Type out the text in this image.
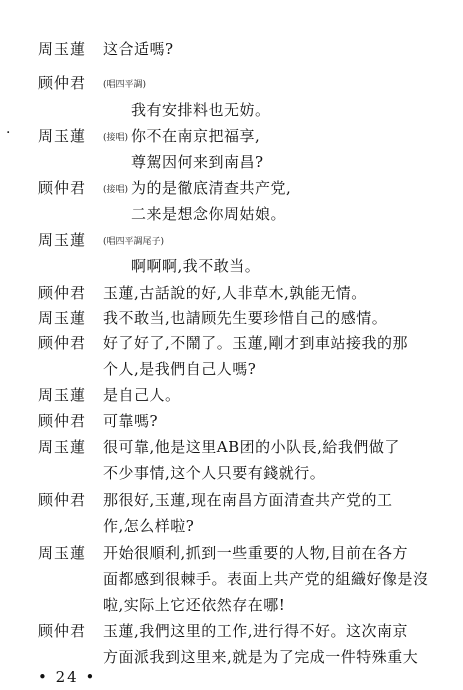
周玉蓮 这合适嗎?
顾仲君 (唱四平調)
我有安排料也无妨。
· 周玉蓮 (接唱) 你不在南京把福享,
尊駕因何来到南昌?
顾仲君 (接唱) 为的是徹底清查共产党,
二来是想念你周姑娘。
周玉蓮 (唱四平調尾子)
啊啊啊,我不敢当。
顾仲君 玉蓮,古話說的好,人非草木,孰能无情。
周玉蓮 我不敢当,也請顾先生要珍惜自己的感情。
顾仲君 好了好了,不鬧了。玉蓮,剛才到車站接我的那
个人,是我們自己人嗎?
周玉蓮 是自己人。
顾仲君 可靠嗎?
周玉蓮 很可靠,他是这里AB团的小队長,給我們做了
不少事情,这个人只要有錢就行。
顾仲君 那很好,玉蓮,现在南昌方面清查共产党的工
作,怎么样啦?
周玉蓮 开始很順利,抓到一些重要的人物,目前在各方
面都感到很棘手。表面上共产党的組織好像是沒
啦,实际上它还依然存在哪!
顾仲君 玉蓮,我們这里的工作,进行得不好。这次南京
方面派我到这里来,就是为了完成一件特殊重大
• 24 •
